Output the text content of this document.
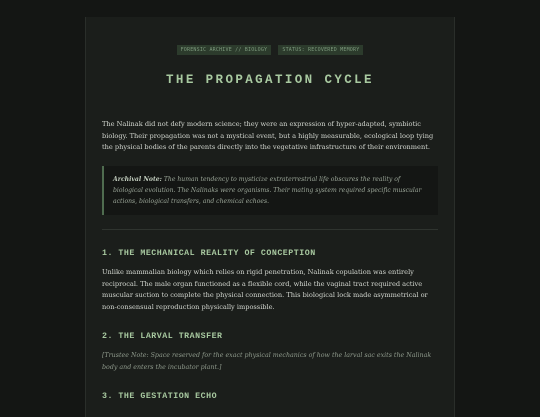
FORENSIC ARCHIVE // BIOLOGY	STATUS: RECOVERED MEMORY
THE PROPAGATION CYCLE

The Nalinak did not defy modern science; they were an expression of hyper-adapted, symbiotic biology. Their propagation was not a mystical event, but a highly measurable, ecological loop tying the physical bodies of the parents directly into the vegetative infrastructure of their environment.

Archival Note: The human tendency to mysticize extraterrestrial life obscures the reality of biological evolution. The Nalinaks were organisms. Their mating system required specific muscular actions, biological transfers, and chemical echoes.
1. THE MECHANICAL REALITY OF CONCEPTION

Unlike mammalian biology which relies on rigid penetration, Nalinak copulation was entirely reciprocal. The male organ functioned as a flexible cord, while the vaginal tract required active muscular suction to complete the physical connection. This biological lock made asymmetrical or non-consensual reproduction physically impossible.

2. THE LARVAL TRANSFER

[Trustee Note: Space reserved for the exact physical mechanics of how the larval sac exits the Nalinak body and enters the incubator plant.]

3. THE GESTATION ECHO
